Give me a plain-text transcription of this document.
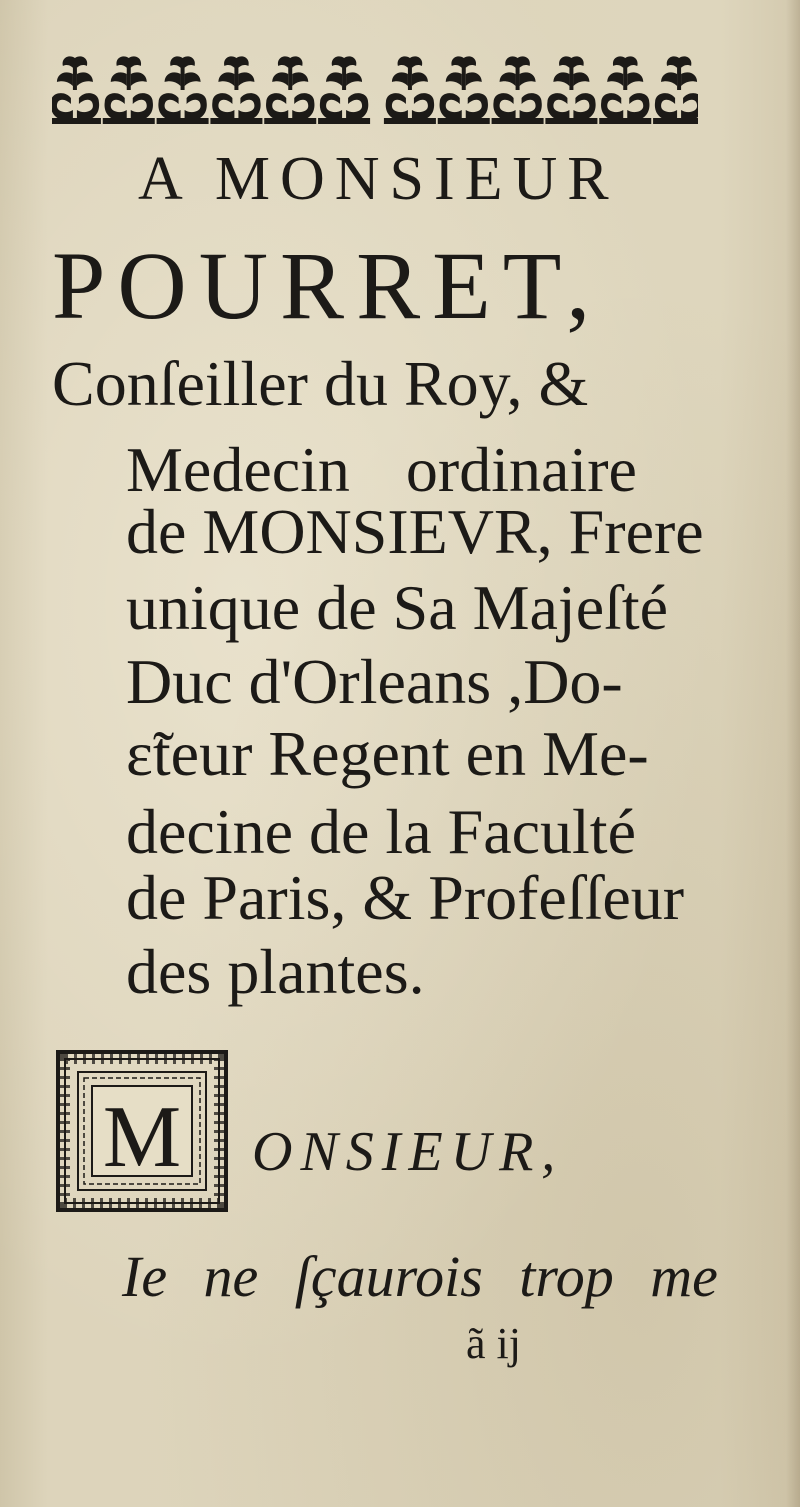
A MONSIEUR
POURRET,
Conſeiller du Roy, &
Medecin ordinaire
de MONSIEVR, Frere
unique de Sa Majeſté
Duc d'Orleans ,Do-
ɛ̃teur Regent en Me-
decine de la Faculté
de Paris, & Profeſſeur
des plantes.
M ONSIEUR,
Ie ne ſçaurois trop me
ã ij
